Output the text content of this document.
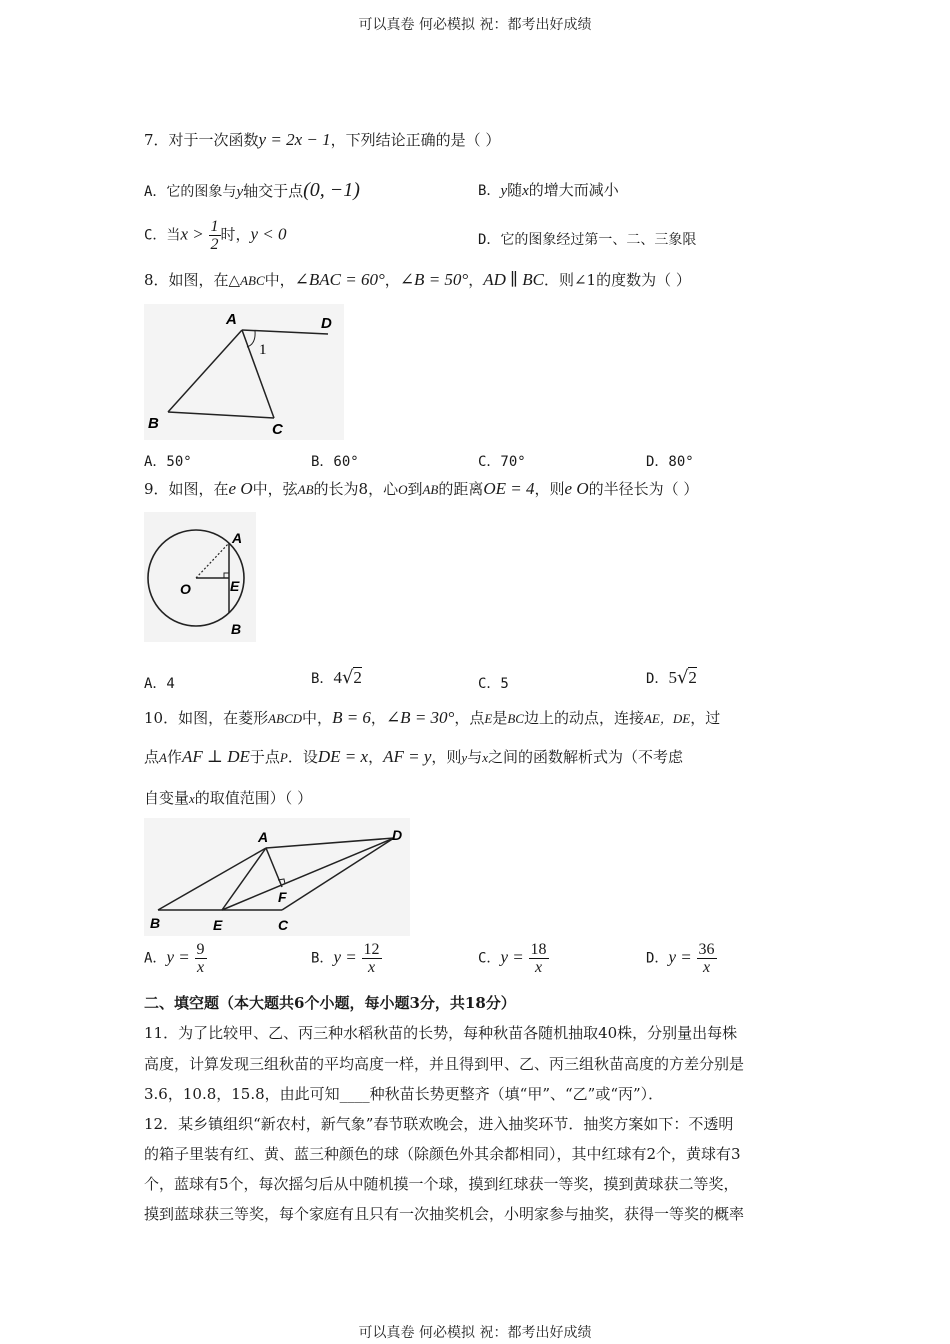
可以真卷 何必模拟 祝：都考出好成绩
7．对于一次函数y = 2x − 1，下列结论正确的是（ ）
A．它的图象与y轴交于点(0, −1)	B．y随x的增大而减小
C．当$x > \frac{1}{2}$ 时，y < 0	D．它的图象经过第一、二、三象限
8．如图，在△ABC中，∠BAC = 60°，∠B = 50°，AD ∥ BC．则∠1的度数为（ ）
A	D
1
B	C
A．50°	B．60°	C．70°	D．80°
9．如图，在e O中，弦AB的长为8，心O到AB的距离OE = 4，则e O的半径长为（ ）
A
O	E
B
A．4	B．4√2	C．5	D．5√2
10．如图，在菱形ABCD中，B = 6，∠B = 30°，点E是BC边上的动点，连接AE，DE，过
点A作AF ⊥ DE于点P．设DE = x，AF = y，则y与x之间的函数解析式为（不考虑
自变量x的取值范围）（ ）
A	D
F
B	E	C
A．$y = \frac{9}{x}$	B．$y = \frac{12}{x}$	C．$y = \frac{18}{x}$	D．$y = \frac{36}{x}$
二、填空题（本大题共6个小题，每小题3分，共18分）
11．为了比较甲、乙、丙三种水稻秋苗的长势，每种秋苗各随机抽取40株，分别量出每株
高度，计算发现三组秋苗的平均高度一样，并且得到甲、乙、丙三组秋苗高度的方差分别是
3.6，10.8，15.8，由此可知____种秋苗长势更整齐（填“甲”、“乙”或“丙”）．
12．某乡镇组织“新农村，新气象”春节联欢晚会，进入抽奖环节．抽奖方案如下：不透明
的箱子里装有红、黄、蓝三种颜色的球（除颜色外其余都相同），其中红球有2个，黄球有3
个，蓝球有5个，每次摇匀后从中随机摸一个球，摸到红球获一等奖，摸到黄球获二等奖，
摸到蓝球获三等奖，每个家庭有且只有一次抽奖机会，小明家参与抽奖，获得一等奖的概率
可以真卷 何必模拟 祝：都考出好成绩
